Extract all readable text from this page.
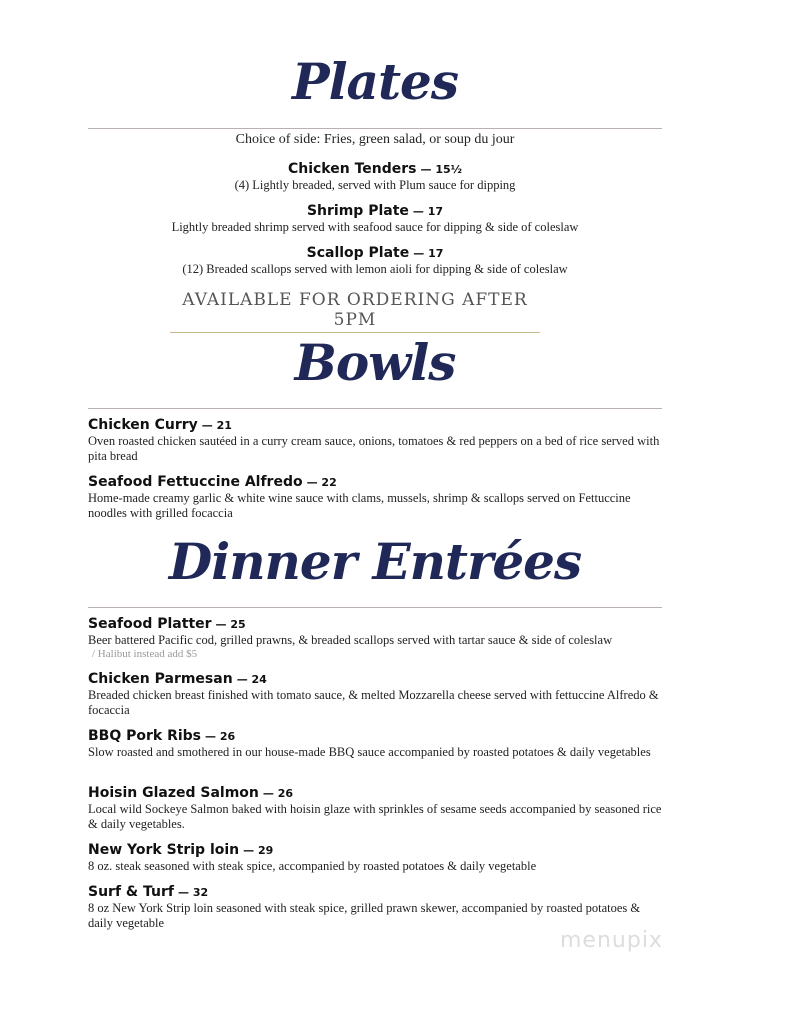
Plates
Choice of side: Fries, green salad, or soup du jour
Chicken Tenders — 15½
(4) Lightly breaded, served with Plum sauce for dipping
Shrimp Plate — 17
Lightly breaded shrimp served with seafood sauce for dipping & side of coleslaw
Scallop Plate — 17
(12) Breaded scallops served with lemon aioli for dipping & side of coleslaw
AVAILABLE FOR ORDERING AFTER 5PM
Bowls
Chicken Curry — 21
Oven roasted chicken sautéed in a curry cream sauce, onions, tomatoes & red peppers on a bed of rice served with pita bread
Seafood Fettuccine Alfredo — 22
Home-made creamy garlic & white wine sauce with clams, mussels, shrimp & scallops served on Fettuccine noodles with grilled focaccia
Dinner Entrées
Seafood Platter — 25
Beer battered Pacific cod, grilled prawns, & breaded scallops served with tartar sauce & side of coleslaw
/ Halibut instead add $5
Chicken Parmesan — 24
Breaded chicken breast finished with tomato sauce, & melted Mozzarella cheese served with fettuccine Alfredo & focaccia
BBQ Pork Ribs — 26
Slow roasted and smothered in our house-made BBQ sauce accompanied by roasted potatoes & daily vegetables
Hoisin Glazed Salmon — 26
Local wild Sockeye Salmon baked with hoisin glaze with sprinkles of sesame seeds accompanied by seasoned rice & daily vegetables.
New York Strip loin — 29
8 oz. steak seasoned with steak spice, accompanied by roasted potatoes & daily vegetable
Surf & Turf — 32
8 oz New York Strip loin seasoned with steak spice, grilled prawn skewer, accompanied by roasted potatoes & daily vegetable
menupix
